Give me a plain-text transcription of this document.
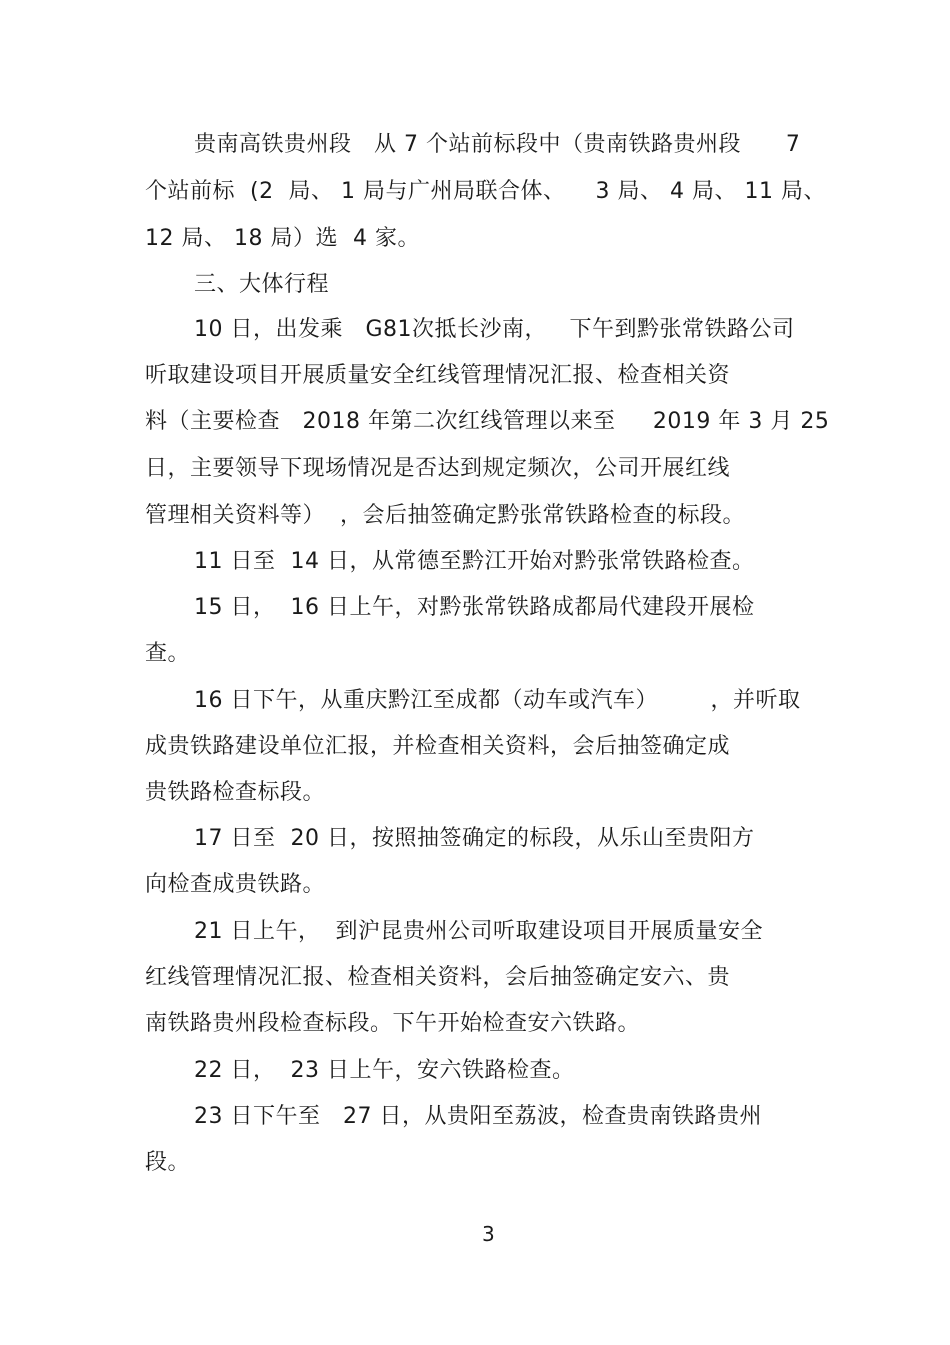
贵南高铁贵州段   从 7 个站前标段中（贵南铁路贵州段      7
个站前标  (2  局、 1 局与广州局联合体、    3 局、 4 局、 11 局、
12 局、 18 局）选  4 家。
三、大体行程
10 日，出发乘   G81次抵长沙南，   下午到黔张常铁路公司
听取建设项目开展质量安全红线管理情况汇报、检查相关资
料（主要检查   2018 年第二次红线管理以来至     2019 年 3 月 25
日，主要领导下现场情况是否达到规定频次，公司开展红线
管理相关资料等）  ，会后抽签确定黔张常铁路检查的标段。
11 日至  14 日，从常德至黔江开始对黔张常铁路检查。
15 日，  16 日上午，对黔张常铁路成都局代建段开展检
查。
16 日下午，从重庆黔江至成都（动车或汽车）       ，并听取
成贵铁路建设单位汇报，并检查相关资料，会后抽签确定成
贵铁路检查标段。
17 日至  20 日，按照抽签确定的标段，从乐山至贵阳方
向检查成贵铁路。
21 日上午，  到沪昆贵州公司听取建设项目开展质量安全
红线管理情况汇报、检查相关资料，会后抽签确定安六、贵
南铁路贵州段检查标段。下午开始检查安六铁路。
22 日，  23 日上午，安六铁路检查。
23 日下午至   27 日，从贵阳至荔波，检查贵南铁路贵州
段。
3
